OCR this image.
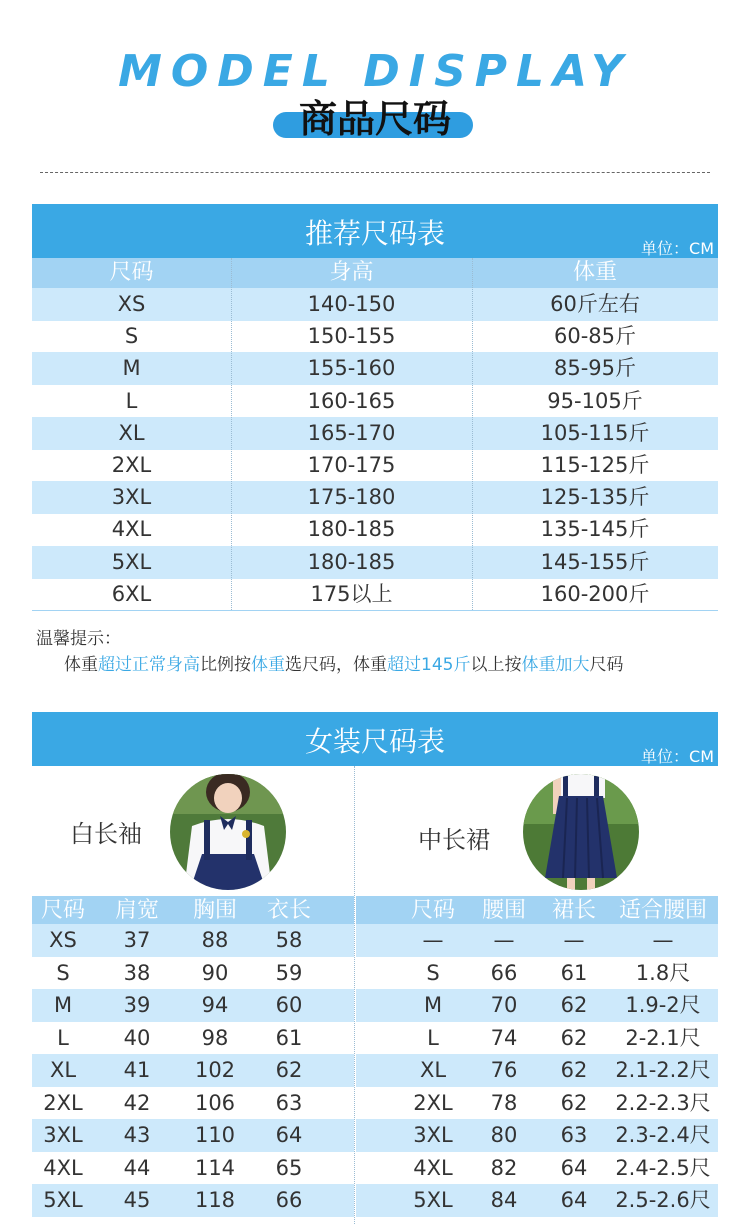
MODEL DISPLAY
商品尺码
推荐尺码表	单位：CM
尺码	身高	体重
XS	140-150	60斤左右
S	150-155	60-85斤
M	155-160	85-95斤
L	160-165	95-105斤
XL	165-170	105-115斤
2XL	170-175	115-125斤
3XL	175-180	125-135斤
4XL	180-185	135-145斤
5XL	180-185	145-155斤
6XL	175以上	160-200斤
温馨提示：
体重超过正常身高比例按体重选尺码，体重超过145斤以上按体重加大尺码
女装尺码表	单位：CM
白长袖	中长裙
尺码	肩宽	胸围	衣长	尺码	腰围	裙长	适合腰围
XS	37	88	58	—	—	—	—
S	38	90	59	S	66	61	1.8尺
M	39	94	60	M	70	62	1.9-2尺
L	40	98	61	L	74	62	2-2.1尺
XL	41	102	62	XL	76	62	2.1-2.2尺
2XL	42	106	63	2XL	78	62	2.2-2.3尺
3XL	43	110	64	3XL	80	63	2.3-2.4尺
4XL	44	114	65	4XL	82	64	2.4-2.5尺
5XL	45	118	66	5XL	84	64	2.5-2.6尺
